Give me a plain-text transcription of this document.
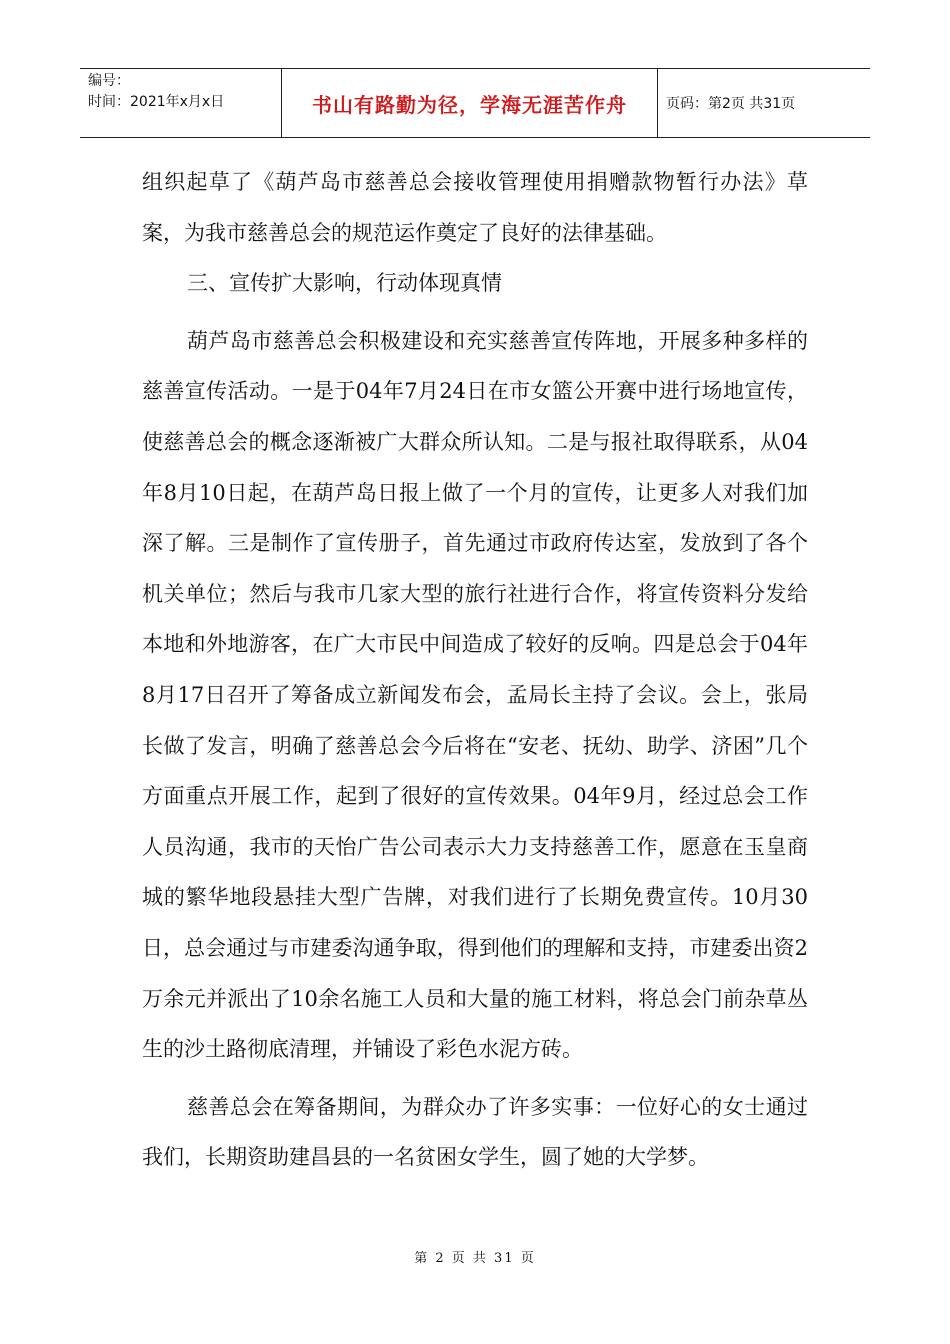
编号：
时间：2021年x月x日	书山有路勤为径，学海无涯苦作舟	页码：第2页 共31页

组织起草了《葫芦岛市慈善总会接收管理使用捐赠款物暂行办法》草案，为我市慈善总会的规范运作奠定了良好的法律基础。

三、宣传扩大影响，行动体现真情

葫芦岛市慈善总会积极建设和充实慈善宣传阵地，开展多种多样的慈善宣传活动。一是于04年7月24日在市女篮公开赛中进行场地宣传，使慈善总会的概念逐渐被广大群众所认知。二是与报社取得联系，从04年8月10日起，在葫芦岛日报上做了一个月的宣传，让更多人对我们加深了解。三是制作了宣传册子，首先通过市政府传达室，发放到了各个机关单位；然后与我市几家大型的旅行社进行合作，将宣传资料分发给本地和外地游客，在广大市民中间造成了较好的反响。四是总会于04年8月17日召开了筹备成立新闻发布会，孟局长主持了会议。会上，张局长做了发言，明确了慈善总会今后将在“安老、抚幼、助学、济困”几个方面重点开展工作，起到了很好的宣传效果。04年9月，经过总会工作人员沟通，我市的天怡广告公司表示大力支持慈善工作，愿意在玉皇商城的繁华地段悬挂大型广告牌，对我们进行了长期免费宣传。10月30日，总会通过与市建委沟通争取，得到他们的理解和支持，市建委出资2万余元并派出了10余名施工人员和大量的施工材料，将总会门前杂草丛生的沙土路彻底清理，并铺设了彩色水泥方砖。

慈善总会在筹备期间，为群众办了许多实事：一位好心的女士通过我们，长期资助建昌县的一名贫困女学生，圆了她的大学梦。

第 2 页 共 31 页
